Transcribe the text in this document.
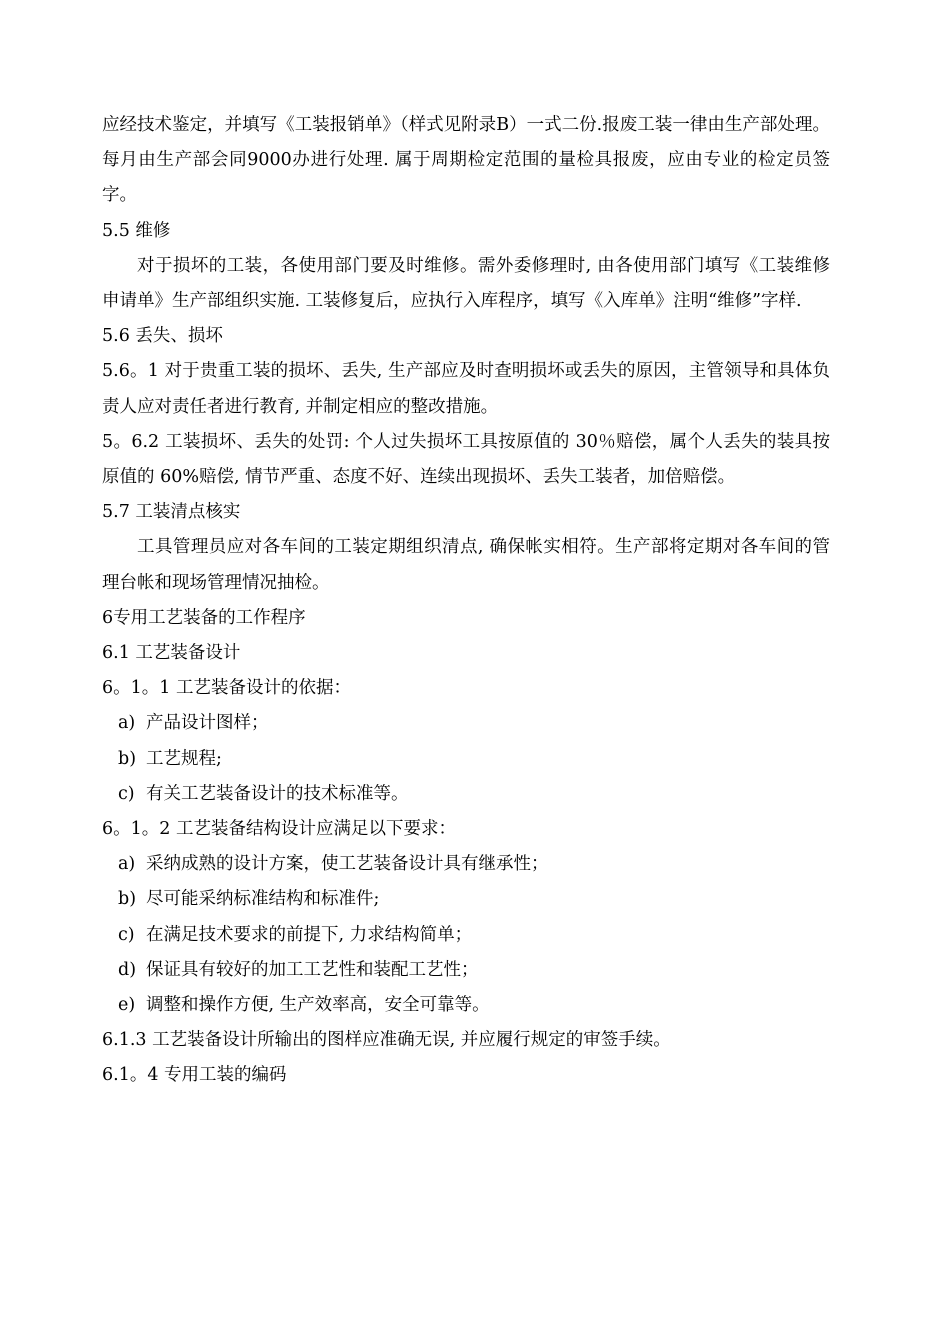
应经技术鉴定，并填写《工装报销单》（样式见附录B）一式二份.报废工装一律由生产部处理。每月由生产部会同9000办进行处理. 属于周期检定范围的量检具报废，应由专业的检定员签字。

5.5 维修

对于损坏的工装，各使用部门要及时维修。需外委修理时, 由各使用部门填写《工装维修申请单》生产部组织实施. 工装修复后，应执行入库程序，填写《入库单》注明“维修”字样.

5.6 丢失、损坏

5.6。1 对于贵重工装的损坏、丢失, 生产部应及时查明损坏或丢失的原因，主管领导和具体负责人应对责任者进行教育, 并制定相应的整改措施。

5。6.2 工装损坏、丢失的处罚: 个人过失损坏工具按原值的 30％赔偿，属个人丢失的装具按原值的 60%赔偿, 情节严重、态度不好、连续出现损坏、丢失工装者，加倍赔偿。

5.7 工装清点核实

工具管理员应对各车间的工装定期组织清点, 确保帐实相符。生产部将定期对各车间的管理台帐和现场管理情况抽检。

6专用工艺装备的工作程序

6.1 工艺装备设计

6。1。1 工艺装备设计的依据：

a) 产品设计图样；
b) 工艺规程;
c) 有关工艺装备设计的技术标准等。

6。1。2 工艺装备结构设计应满足以下要求：

a) 采纳成熟的设计方案，使工艺装备设计具有继承性；
b) 尽可能采纳标准结构和标准件;
c) 在满足技术要求的前提下, 力求结构简单；
d) 保证具有较好的加工工艺性和装配工艺性；
e) 调整和操作方便, 生产效率高，安全可靠等。

6.1.3 工艺装备设计所输出的图样应准确无误, 并应履行规定的审签手续。

6.1。4 专用工装的编码
